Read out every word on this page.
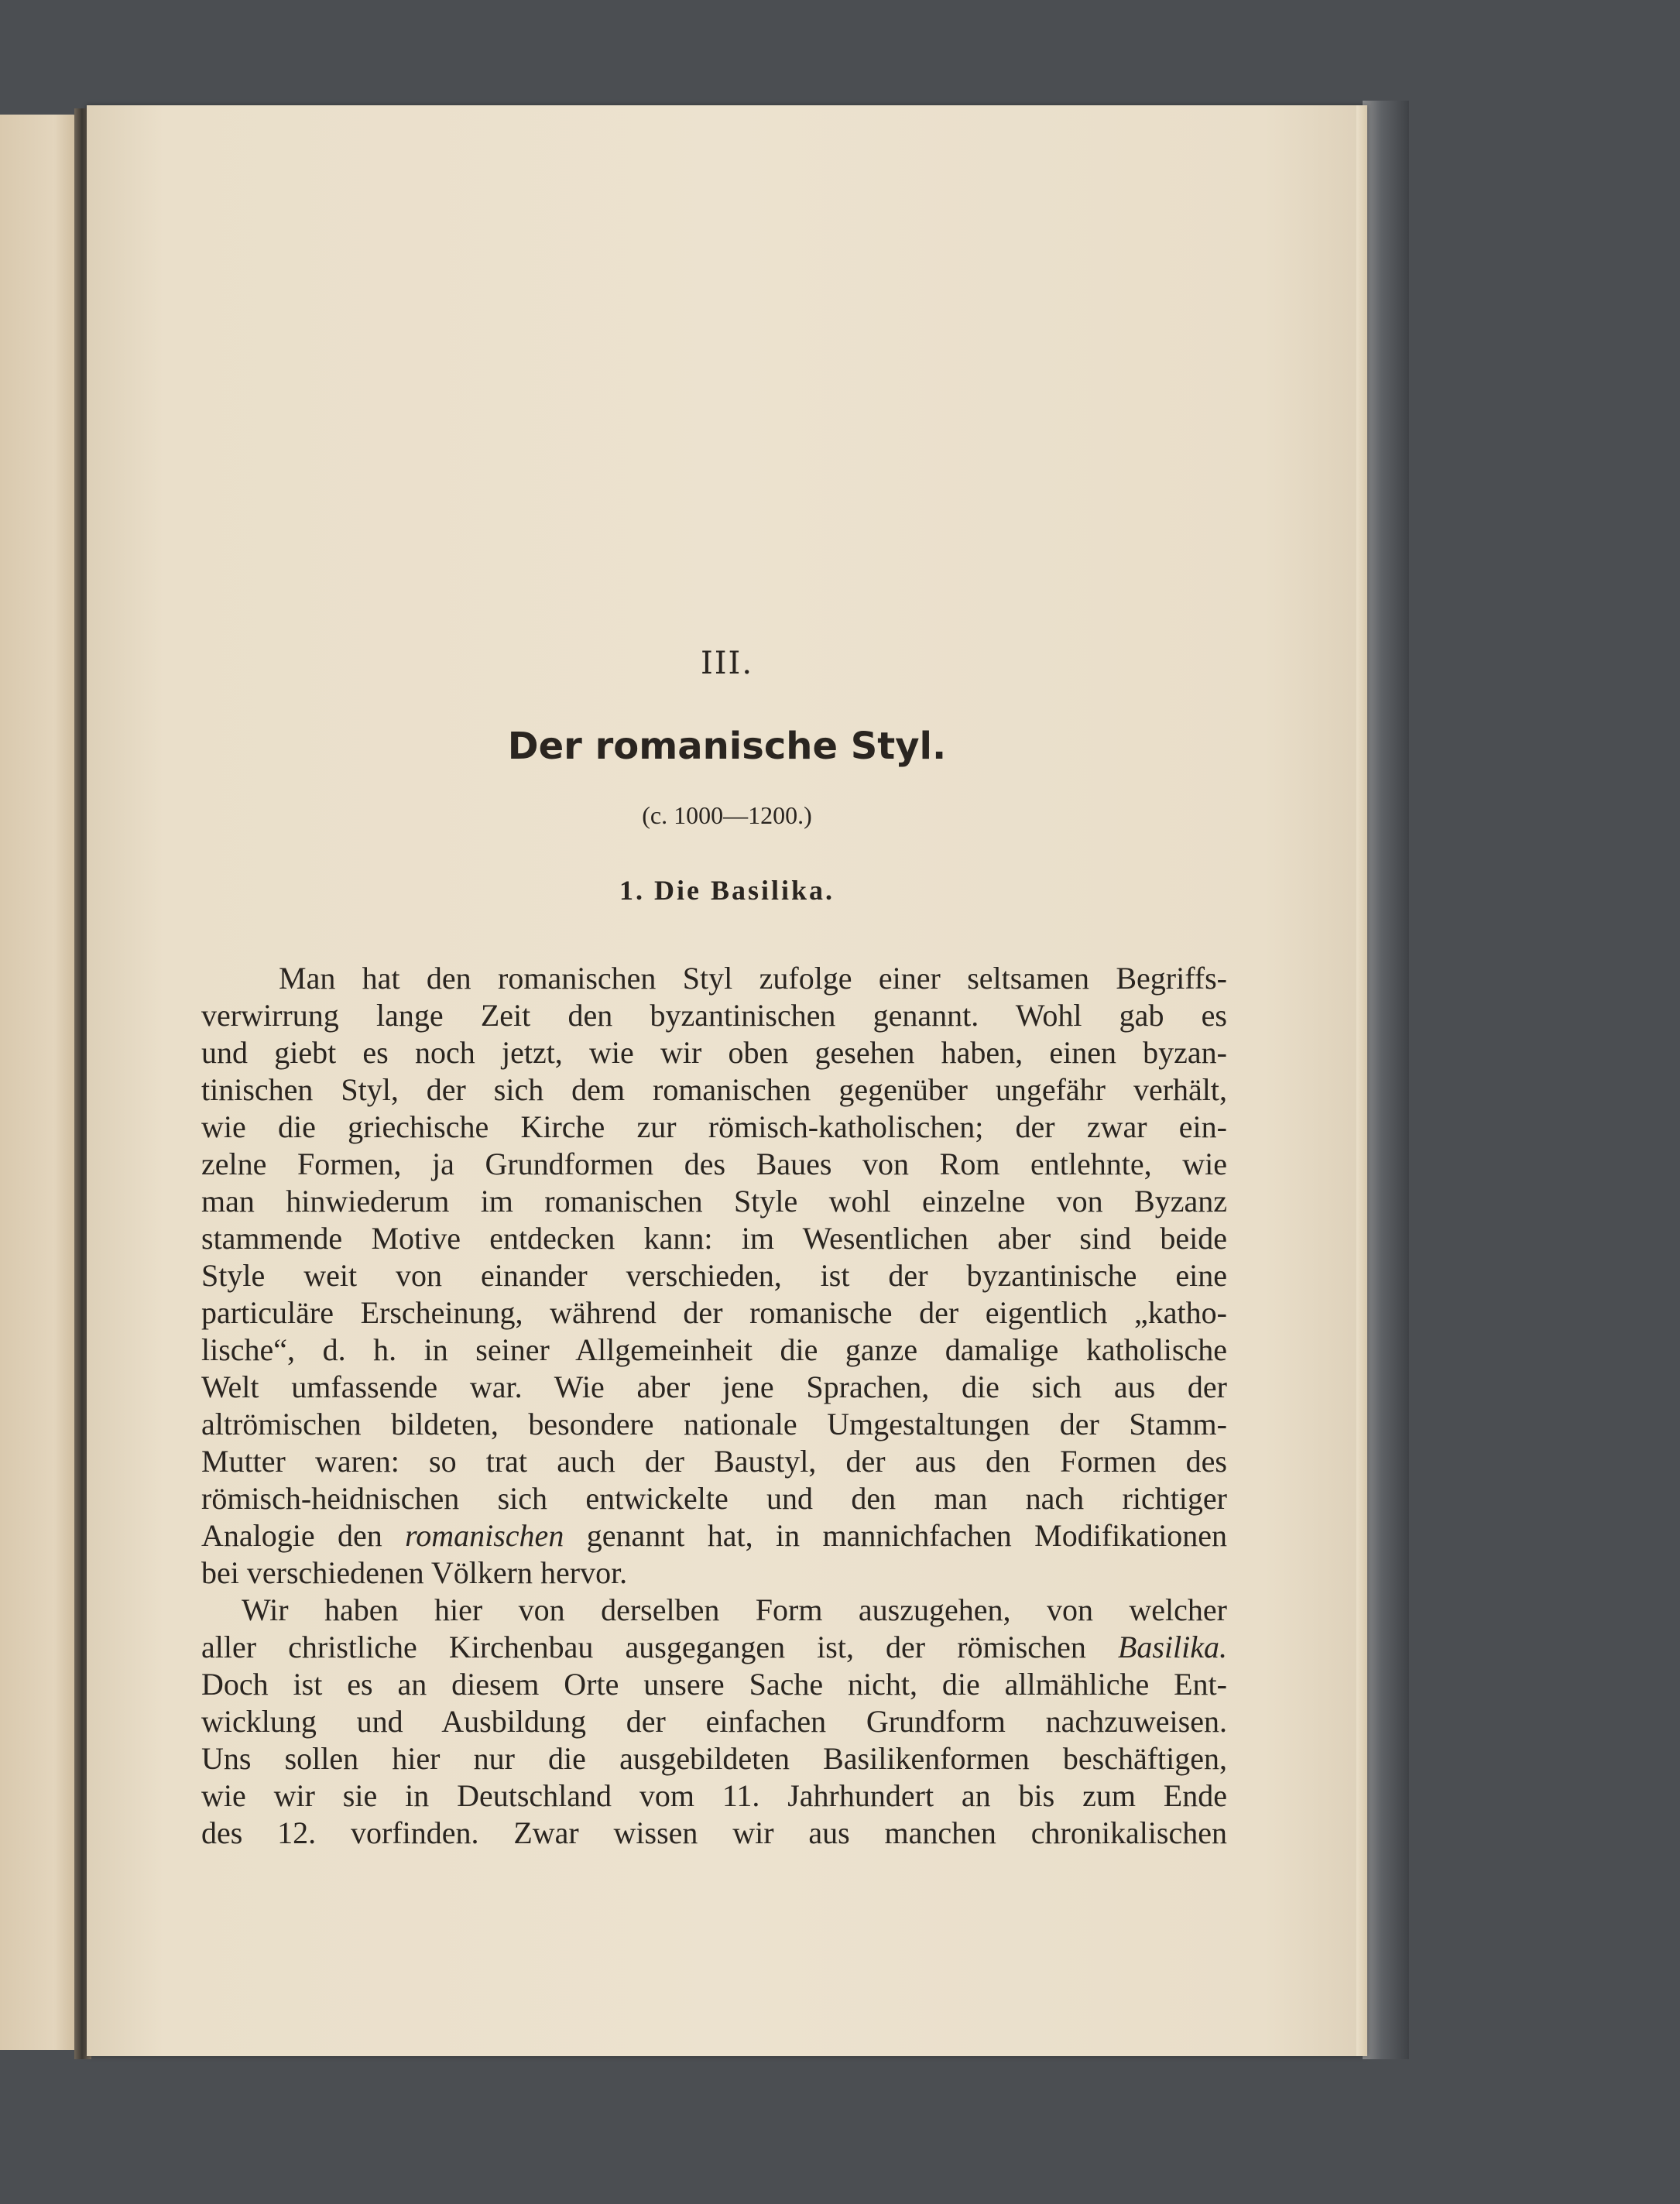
III.
Der romanische Styl.
(c. 1000—1200.)
1. Die Basilika.
Man hat den romanischen Styl zufolge einer seltsamen Begriffs-
verwirrung lange Zeit den byzantinischen genannt. Wohl gab es
und giebt es noch jetzt, wie wir oben gesehen haben, einen byzan-
tinischen Styl, der sich dem romanischen gegenüber ungefähr verhält,
wie die griechische Kirche zur römisch-katholischen; der zwar ein-
zelne Formen, ja Grundformen des Baues von Rom entlehnte, wie
man hinwiederum im romanischen Style wohl einzelne von Byzanz
stammende Motive entdecken kann: im Wesentlichen aber sind beide
Style weit von einander verschieden, ist der byzantinische eine
particuläre Erscheinung, während der romanische der eigentlich „katho-
lische“, d. h. in seiner Allgemeinheit die ganze damalige katholische
Welt umfassende war. Wie aber jene Sprachen, die sich aus der
altrömischen bildeten, besondere nationale Umgestaltungen der Stamm-
Mutter waren: so trat auch der Baustyl, der aus den Formen des
römisch-heidnischen sich entwickelte und den man nach richtiger
Analogie den romanischen genannt hat, in mannichfachen Modifikationen
bei verschiedenen Völkern hervor.
Wir haben hier von derselben Form auszugehen, von welcher
aller christliche Kirchenbau ausgegangen ist, der römischen Basilika.
Doch ist es an diesem Orte unsere Sache nicht, die allmähliche Ent-
wicklung und Ausbildung der einfachen Grundform nachzuweisen.
Uns sollen hier nur die ausgebildeten Basilikenformen beschäftigen,
wie wir sie in Deutschland vom 11. Jahrhundert an bis zum Ende
des 12. vorfinden. Zwar wissen wir aus manchen chronikalischen
